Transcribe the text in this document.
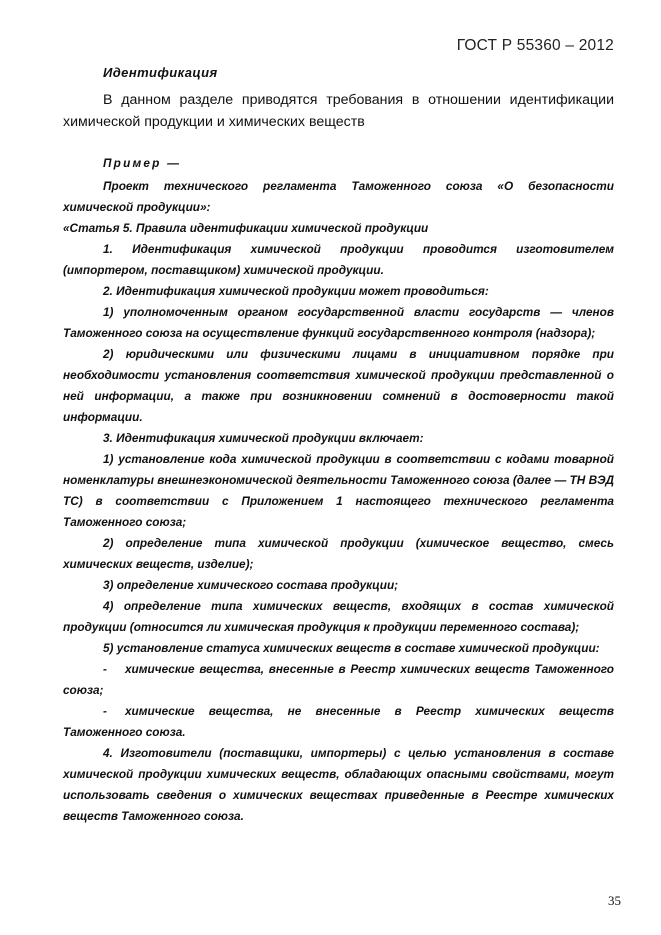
ГОСТ Р 55360 – 2012
Идентификация
В данном разделе приводятся требования в отношении идентификации химической продукции и химических веществ
Пример —

Проект технического регламента Таможенного союза «О безопасности химической продукции»:

«Статья 5. Правила идентификации химической продукции

1. Идентификация химической продукции проводится изготовителем (импортером, поставщиком) химической продукции.

2. Идентификация химической продукции может проводиться:

1) уполномоченным органом государственной власти государств — членов Таможенного союза на осуществление функций государственного контроля (надзора);

2) юридическими или физическими лицами в инициативном порядке при необходимости установления соответствия химической продукции представленной о ней информации, а также при возникновении сомнений в достоверности такой информации.

3. Идентификация химической продукции включает:

1) установление кода химической продукции в соответствии с кодами товарной номенклатуры внешнеэкономической деятельности Таможенного союза (далее — ТН ВЭД ТС) в соответствии с Приложением 1 настоящего технического регламента Таможенного союза;

2) определение типа химической продукции (химическое вещество, смесь химических веществ, изделие);

3) определение химического состава продукции;

4) определение типа химических веществ, входящих в состав химической продукции (относится ли химическая продукция к продукции переменного состава);

5) установление статуса химических веществ в составе химической продукции:

- химические вещества, внесенные в Реестр химических веществ Таможенного союза;

- химические вещества, не внесенные в Реестр химических веществ Таможенного союза.

4. Изготовители (поставщики, импортеры) с целью установления в составе химической продукции химических веществ, обладающих опасными свойствами, могут использовать сведения о химических веществах приведенные в Реестре химических веществ Таможенного союза.

35
